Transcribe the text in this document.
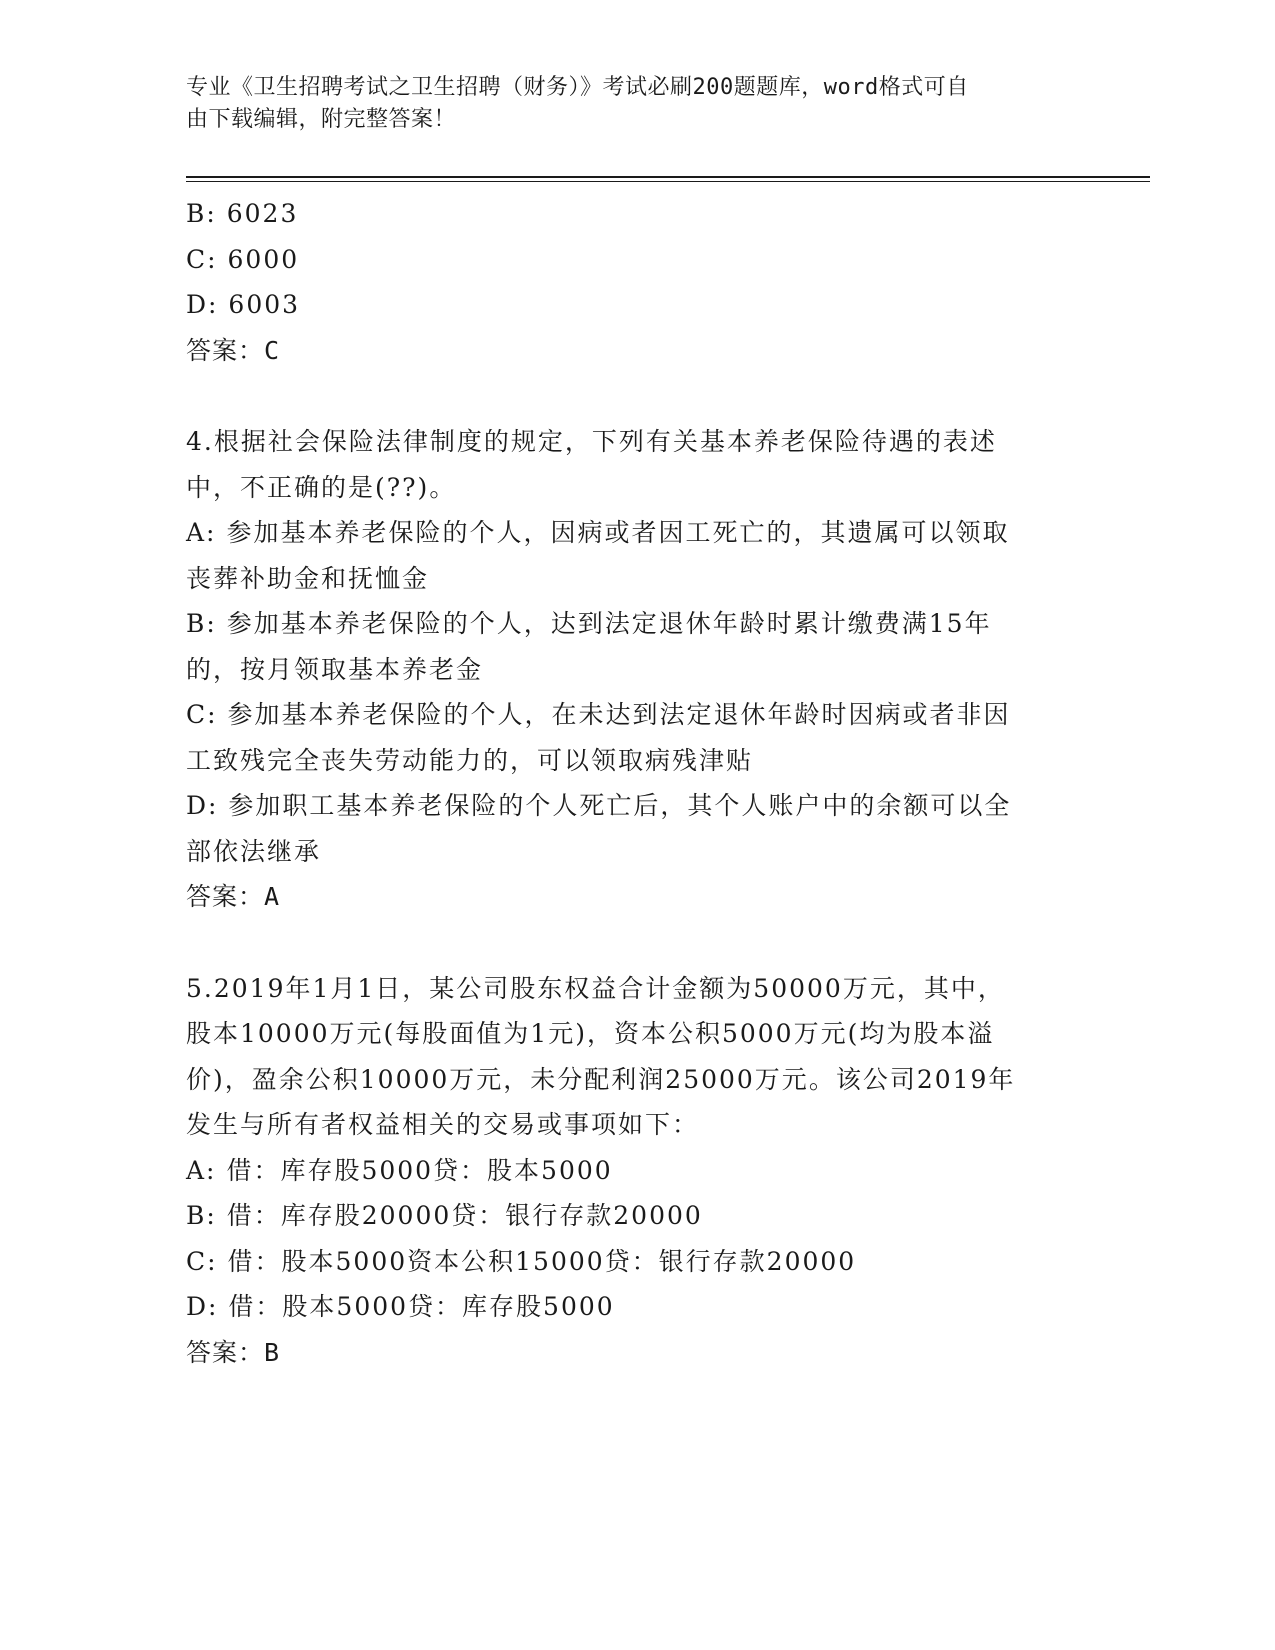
专业《卫生招聘考试之卫生招聘（财务）》考试必刷200题题库，word格式可自
由下载编辑，附完整答案！

B: 6023

C: 6000

D: 6003

答案：C

4.根据社会保险法律制度的规定，下列有关基本养老保险待遇的表述

中，不正确的是(??)。

A: 参加基本养老保险的个人，因病或者因工死亡的，其遗属可以领取

丧葬补助金和抚恤金

B: 参加基本养老保险的个人，达到法定退休年龄时累计缴费满15年

的，按月领取基本养老金

C: 参加基本养老保险的个人，在未达到法定退休年龄时因病或者非因

工致残完全丧失劳动能力的，可以领取病残津贴

D: 参加职工基本养老保险的个人死亡后，其个人账户中的余额可以全

部依法继承

答案：A

5.2019年1月1日，某公司股东权益合计金额为50000万元，其中，

股本10000万元(每股面值为1元)，资本公积5000万元(均为股本溢

价)，盈余公积10000万元，未分配利润25000万元。该公司2019年

发生与所有者权益相关的交易或事项如下：

A: 借：库存股5000贷：股本5000

B: 借：库存股20000贷：银行存款20000

C: 借：股本5000资本公积15000贷：银行存款20000

D: 借：股本5000贷：库存股5000

答案：B
